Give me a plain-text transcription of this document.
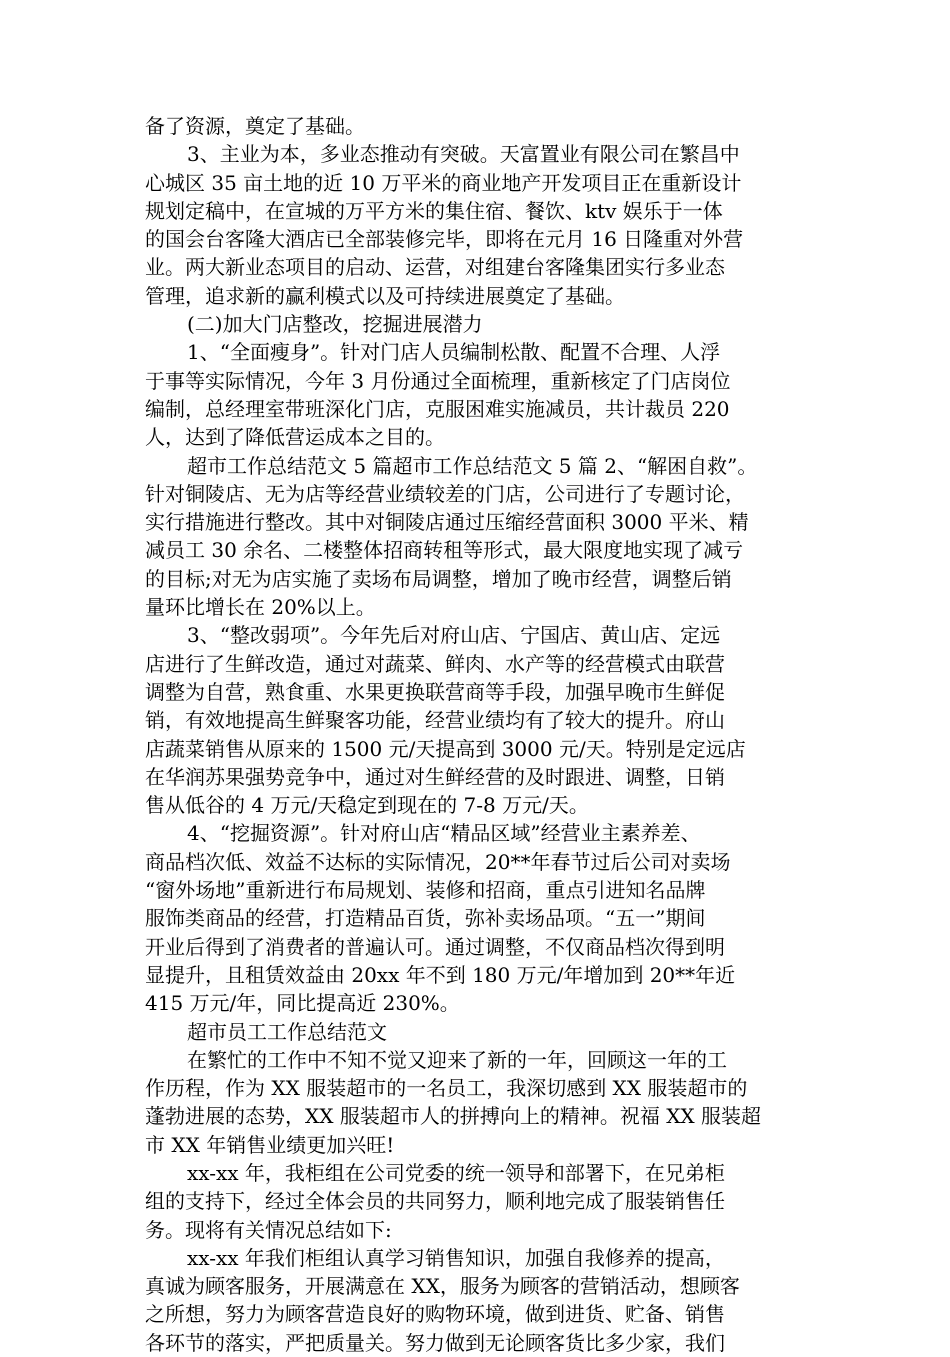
备了资源，奠定了基础。
3、主业为本，多业态推动有突破。天富置业有限公司在繁昌中
心城区 35 亩土地的近 10 万平米的商业地产开发项目正在重新设计
规划定稿中，在宣城的万平方米的集住宿、餐饮、ktv 娱乐于一体
的国会台客隆大酒店已全部装修完毕，即将在元月 16 日隆重对外营
业。两大新业态项目的启动、运营，对组建台客隆集团实行多业态
管理，追求新的赢利模式以及可持续进展奠定了基础。
(二)加大门店整改，挖掘进展潜力
1、“全面瘦身”。针对门店人员编制松散、配置不合理、人浮
于事等实际情况，今年 3 月份通过全面梳理，重新核定了门店岗位
编制，总经理室带班深化门店，克服困难实施减员，共计裁员 220
人，达到了降低营运成本之目的。
超市工作总结范文 5 篇超市工作总结范文 5 篇 2、“解困自救”。
针对铜陵店、无为店等经营业绩较差的门店，公司进行了专题讨论，
实行措施进行整改。其中对铜陵店通过压缩经营面积 3000 平米、精
减员工 30 余名、二楼整体招商转租等形式，最大限度地实现了减亏
的目标;对无为店实施了卖场布局调整，增加了晚市经营，调整后销
量环比增长在 20%以上。
3、“整改弱项”。今年先后对府山店、宁国店、黄山店、定远
店进行了生鲜改造，通过对蔬菜、鲜肉、水产等的经营模式由联营
调整为自营，熟食重、水果更换联营商等手段，加强早晚市生鲜促
销，有效地提高生鲜聚客功能，经营业绩均有了较大的提升。府山
店蔬菜销售从原来的 1500 元/天提高到 3000 元/天。特别是定远店
在华润苏果强势竞争中，通过对生鲜经营的及时跟进、调整，日销
售从低谷的 4 万元/天稳定到现在的 7-8 万元/天。
4、“挖掘资源”。针对府山店“精品区域”经营业主素养差、
商品档次低、效益不达标的实际情况，20**年春节过后公司对卖场
“窗外场地”重新进行布局规划、装修和招商，重点引进知名品牌
服饰类商品的经营，打造精品百货，弥补卖场品项。“五一”期间
开业后得到了消费者的普遍认可。通过调整，不仅商品档次得到明
显提升，且租赁效益由 20xx 年不到 180 万元/年增加到 20**年近
415 万元/年，同比提高近 230%。
超市员工工作总结范文
在繁忙的工作中不知不觉又迎来了新的一年，回顾这一年的工
作历程，作为 XX 服装超市的一名员工，我深切感到 XX 服装超市的
蓬勃进展的态势，XX 服装超市人的拼搏向上的精神。祝福 XX 服装超
市 XX 年销售业绩更加兴旺!
xx-xx 年，我柜组在公司党委的统一领导和部署下，在兄弟柜
组的支持下，经过全体会员的共同努力，顺利地完成了服装销售任
务。现将有关情况总结如下:
xx-xx 年我们柜组认真学习销售知识，加强自我修养的提高，
真诚为顾客服务，开展满意在 XX，服务为顾客的营销活动，想顾客
之所想，努力为顾客营造良好的购物环境，做到进货、贮备、销售
各环节的落实，严把质量关。努力做到无论顾客货比多少家，我们
